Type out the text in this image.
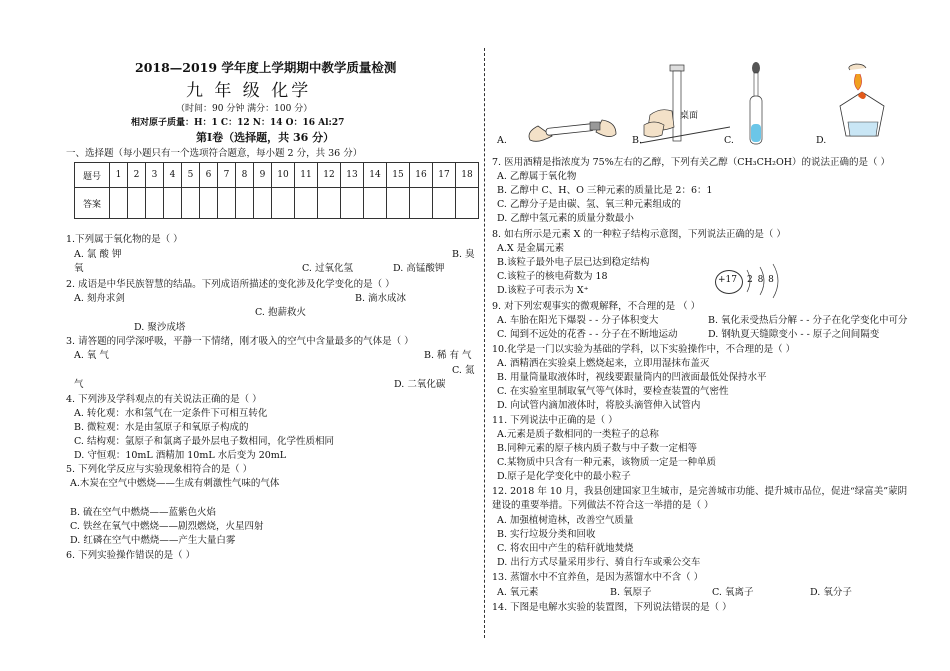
2018—2019 学年度上学期期中教学质量检测
九 年 级 化学
（时间：90 分钟 满分：100 分）
相对原子质量：H：1 C：12 N：14 O：16 Al:27
第Ⅰ卷（选择题，共 36 分）
一、选择题（每小题只有一个选项符合题意，每小题 2 分，共 36 分）
题号	1	2	3	4	5	6	7	8	9	10	11	12	13	14	15	16	17	18
答案																		
1.下列属于氧化物的是（ ）
A. 氯 酸 钾	B. 臭
氧	C. 过氧化氢	D. 高锰酸钾
2. 成语是中华民族智慧的结晶。下列成语所描述的变化涉及化学变化的是（ ）
A. 刻舟求剑	B. 滴水成冰
C. 抱薪救火
D. 聚沙成塔
3. 请答题的同学深呼吸，平静一下情绪，刚才吸入的空气中含量最多的气体是（ ）
A. 氧 气	B. 稀 有 气
C. 氮
气	D. 二氧化碳
4. 下列涉及学科观点的有关说法正确的是（ ）
A. 转化观：水和氢气在一定条件下可相互转化
B. 微粒观：水是由氢原子和氧原子构成的
C. 结构观：氩原子和氯离子最外层电子数相同，化学性质相同
D. 守恒观：10mL 酒精加 10mL 水后变为 20mL
5. 下列化学反应与实验现象相符合的是（ ）
A.木炭在空气中燃烧——生成有刺激性气味的气体
B. 硫在空气中燃烧——蓝紫色火焰
C. 铁丝在氧气中燃烧——剧烈燃烧，火星四射
D. 红磷在空气中燃烧——产生大量白雾
6. 下列实验操作错误的是（ ）
A.
桌面
B.	C.	D.
7. 医用酒精是指浓度为 75%左右的乙醇，下列有关乙醇（CH₃CH₂OH）的说法正确的是（ ）
A. 乙醇属于氧化物
B. 乙醇中 C、H、O 三种元素的质量比是 2：6：1
C. 乙醇分子是由碳、氢、氧三种元素组成的
D. 乙醇中氢元素的质量分数最小
8. 如右所示是元素 X 的一种粒子结构示意图，下列说法正确的是（ ）
A.X 是金属元素
B.该粒子最外电子层已达到稳定结构
C.该粒子的核电荷数为 18
D.该粒子可表示为 X⁺
+17 2 8 8
9. 对下列宏观事实的微观解释，不合理的是 （ ）
A. 车胎在阳光下爆裂 - - 分子体积变大	B. 氧化汞受热后分解 - - 分子在化学变化中可分
C. 闻到不远处的花香 - - 分子在不断地运动	D. 钢轨夏天缝隙变小 - - 原子之间间隔变
10.化学是一门以实验为基础的学科，以下实验操作中，不合理的是（ ）
A. 酒精洒在实验桌上燃烧起来，立即用湿抹布盖灭
B. 用量筒量取液体时，视线要跟量筒内的凹液面最低处保持水平
C. 在实验室里制取氧气等气体时，要检查装置的气密性
D. 向试管内滴加液体时，将胶头滴管伸入试管内
11. 下列说法中正确的是（ ）
A.元素是质子数相同的一类粒子的总称
B.同种元素的原子核内质子数与中子数一定相等
C.某物质中只含有一种元素，该物质一定是一种单质
D.原子是化学变化中的最小粒子
12. 2018 年 10 月，我县创建国家卫生城市，是完善城市功能、提升城市品位，促进“绿富美”蒙阴
建设的重要举措。下列做法不符合这一举措的是（ ）
A. 加强植树造林，改善空气质量
B. 实行垃圾分类和回收
C. 将农田中产生的秸秆就地焚烧
D. 出行方式尽量采用步行、骑自行车或乘公交车
13. 蒸馏水中不宜养鱼，是因为蒸馏水中不含（ ）
A. 氧元素	B. 氧原子	C. 氧离子	D. 氧分子
14. 下图是电解水实验的装置图，下列说法错误的是（ ）
